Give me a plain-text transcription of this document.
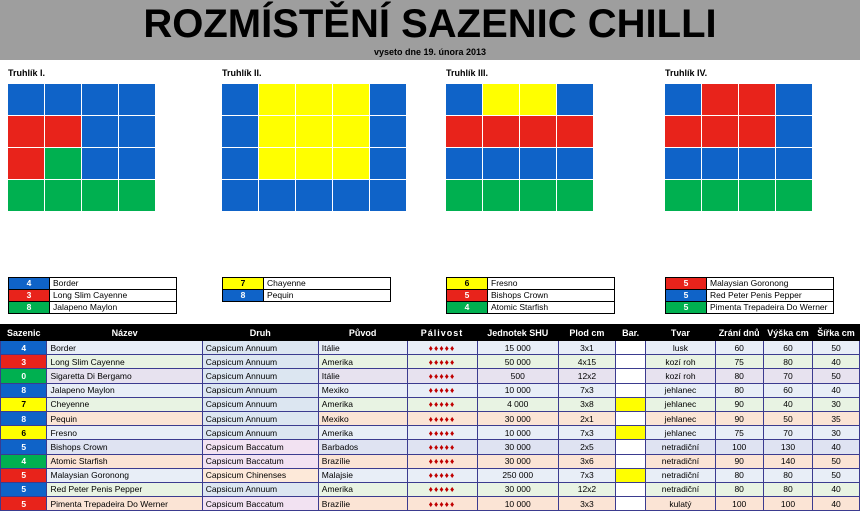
ROZMÍSTĚNÍ SAZENIC CHILLI
vyseto dne 19. února 2013
Truhlík I.	Truhlík II.	Truhlík III.	Truhlík IV.
4	Border
3	Long Slim Cayenne
8	Jalapeno Maylon
7	Chayenne
8	Pequin
6	Fresno
5	Bishops Crown
4	Atomic Starfish
5	Malaysian Goronong
5	Red Peter Penis Pepper
5	Pimenta Trepadeira Do Werner
Sazenic	Název	Druh	Původ	Pálivost	Jednotek SHU	Plod cm	Bar.	Tvar	Zrání dnů	Výška cm	Šířka cm
4	Border	Capsicum Annuum	Itálie	♦♦♦♦♦	15 000	3x1		lusk	60	60	50
3	Long Slim Cayenne	Capsicum Annuum	Amerika	♦♦♦♦♦	50 000	4x15		kozí roh	75	80	40
0	Sigaretta Di Bergamo	Capsicum Annuum	Itálie	♦♦♦♦♦	500	12x2		kozí roh	80	70	50
8	Jalapeno Maylon	Capsicum Annuum	Mexiko	♦♦♦♦♦	10 000	7x3		jehlanec	80	60	40
7	Cheyenne	Capsicum Annuum	Amerika	♦♦♦♦♦	4 000	3x8		jehlanec	90	40	30
8	Pequin	Capsicum Annuum	Mexiko	♦♦♦♦♦	30 000	2x1		jehlanec	90	50	35
6	Fresno	Capsicum Annuum	Amerika	♦♦♦♦♦	10 000	7x3		jehlanec	75	70	30
5	Bishops Crown	Capsicum Baccatum	Barbados	♦♦♦♦♦	30 000	2x5		netradiční	100	130	40
4	Atomic Starfish	Capsicum Baccatum	Brazílie	♦♦♦♦♦	30 000	3x6		netradiční	90	140	50
5	Malaysian Goronong	Capsicum Chinenses	Malajsie	♦♦♦♦♦	250 000	7x3		netradiční	80	80	50
5	Red Peter Penis Pepper	Capsicum Annuum	Amerika	♦♦♦♦♦	30 000	12x2		netradiční	80	80	40
5	Pimenta Trepadeira Do Werner	Capsicum Baccatum	Brazílie	♦♦♦♦♦	10 000	3x3		kulatý	100	100	40
